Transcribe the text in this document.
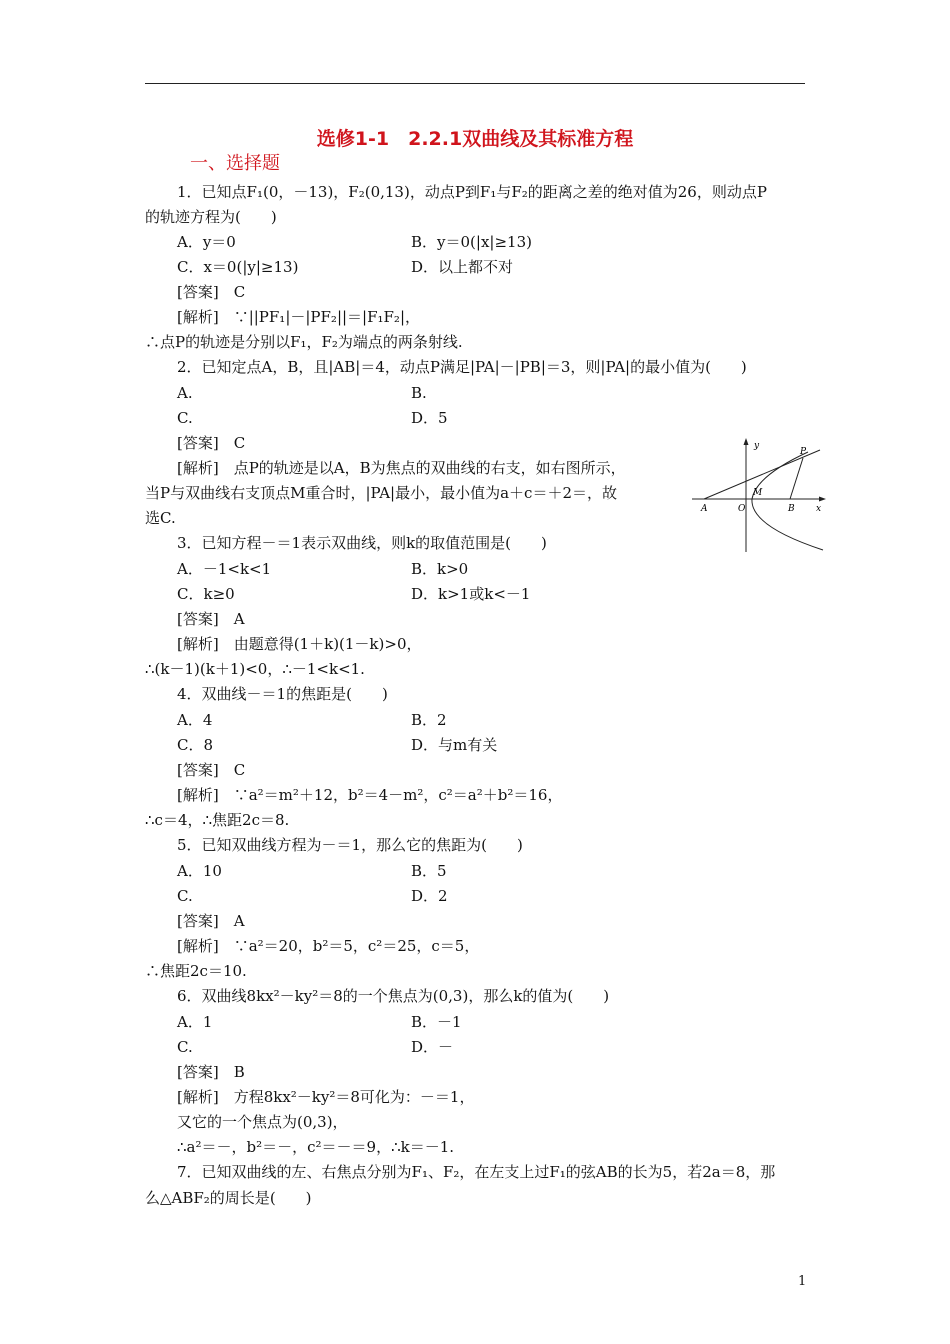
选修1-1　2.2.1双曲线及其标准方程
一、选择题
1．已知点F₁(0，－13)，F₂(0,13)，动点P到F₁与F₂的距离之差的绝对值为26，则动点P
的轨迹方程为(　　)
A．y＝0	B．y＝0(|x|≥13)
C．x＝0(|y|≥13)	D．以上都不对
[答案]　C
[解析]　∵||PF₁|－|PF₂||＝|F₁F₂|，
∴点P的轨迹是分别以F₁，F₂为端点的两条射线.
2．已知定点A，B，且|AB|＝4，动点P满足|PA|－|PB|＝3，则|PA|的最小值为(　　)
A.	B.
C.	D．5
[答案]　C
[解析]　点P的轨迹是以A，B为焦点的双曲线的右支，如右图所示，
当P与双曲线右支顶点M重合时，|PA|最小，最小值为a＋c＝＋2＝，故
选C.
y
x
P
M
A	O	B
3．已知方程－＝1表示双曲线，则k的取值范围是(　　)
A．－1<k<1	B．k>0
C．k≥0	D．k>1或k<－1
[答案]　A
[解析]　由题意得(1＋k)(1－k)>0，
∴(k－1)(k＋1)<0，∴－1<k<1.
4．双曲线－＝1的焦距是(　　)
A．4	B．2
C．8	D．与m有关
[答案]　C
[解析]　∵a²＝m²＋12，b²＝4－m²，c²＝a²＋b²＝16，
∴c＝4，∴焦距2c＝8.
5．已知双曲线方程为－＝1，那么它的焦距为(　　)
A．10	B．5
C.	D．2
[答案]　A
[解析]　∵a²＝20，b²＝5，c²＝25，c＝5，
∴焦距2c＝10.
6．双曲线8kx²－ky²＝8的一个焦点为(0,3)，那么k的值为(　　)
A．1	B．－1
C.	D．－
[答案]　B
[解析]　方程8kx²－ky²＝8可化为：－＝1，
又它的一个焦点为(0,3)，
∴a²＝－，b²＝－，c²＝－＝9，∴k＝－1.
7．已知双曲线的左、右焦点分别为F₁、F₂，在左支上过F₁的弦AB的长为5，若2a＝8，那
么△ABF₂的周长是(　　)
1
